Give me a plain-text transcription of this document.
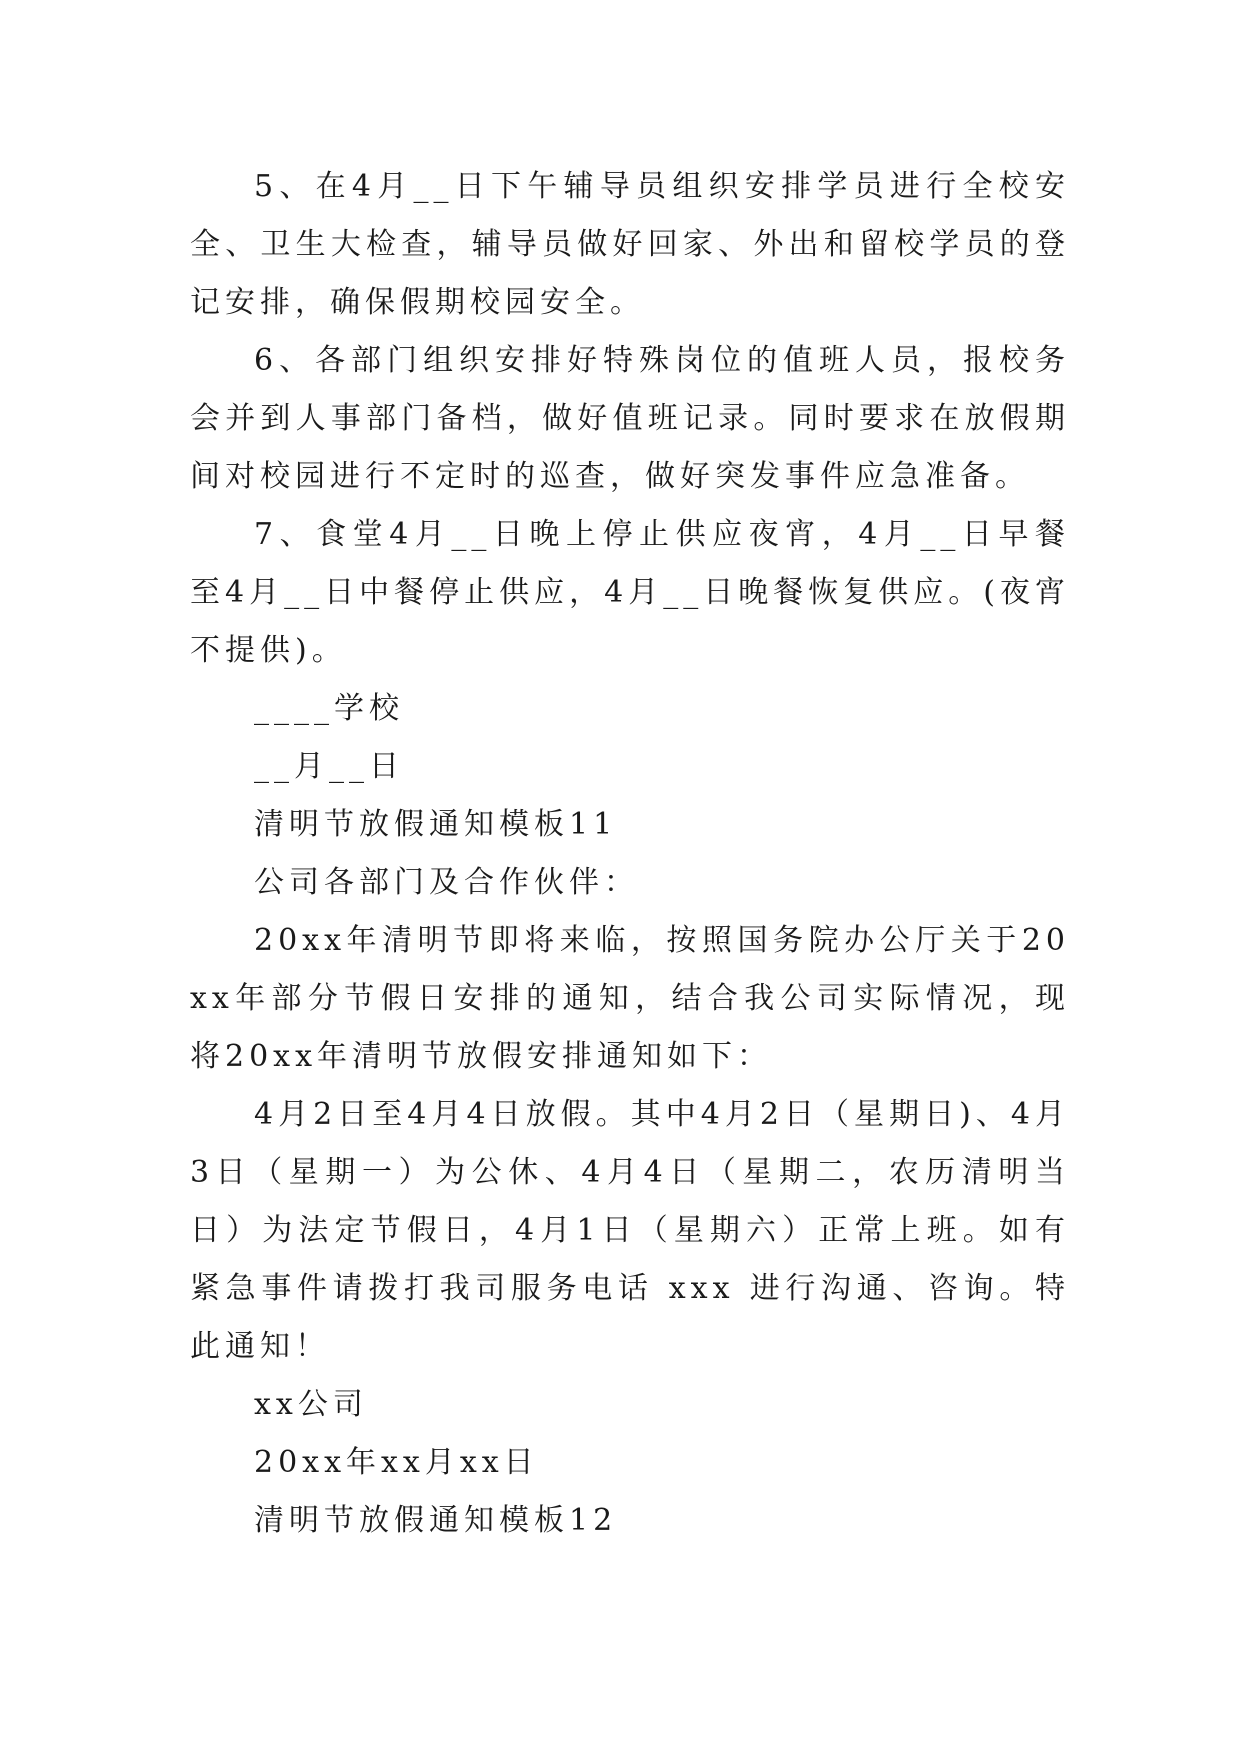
5、在4月__日下午辅导员组织安排学员进行全校安全、卫生大检查，辅导员做好回家、外出和留校学员的登记安排，确保假期校园安全。

6、各部门组织安排好特殊岗位的值班人员，报校务会并到人事部门备档，做好值班记录。同时要求在放假期间对校园进行不定时的巡查，做好突发事件应急准备。

7、食堂4月__日晚上停止供应夜宵，4月__日早餐至4月__日中餐停止供应，4月__日晚餐恢复供应。(夜宵不提供)。

____学校

__月__日

清明节放假通知模板11

公司各部门及合作伙伴：

20xx年清明节即将来临，按照国务院办公厅关于20xx年部分节假日安排的通知，结合我公司实际情况，现将20xx年清明节放假安排通知如下：

4月2日至4月4日放假。其中4月2日（星期日)、4月3日（星期一）为公休、4月4日（星期二，农历清明当日）为法定节假日，4月1日（星期六）正常上班。如有紧急事件请拨打我司服务电话 xxx 进行沟通、咨询。特此通知！

xx公司

20xx年xx月xx日

清明节放假通知模板12
